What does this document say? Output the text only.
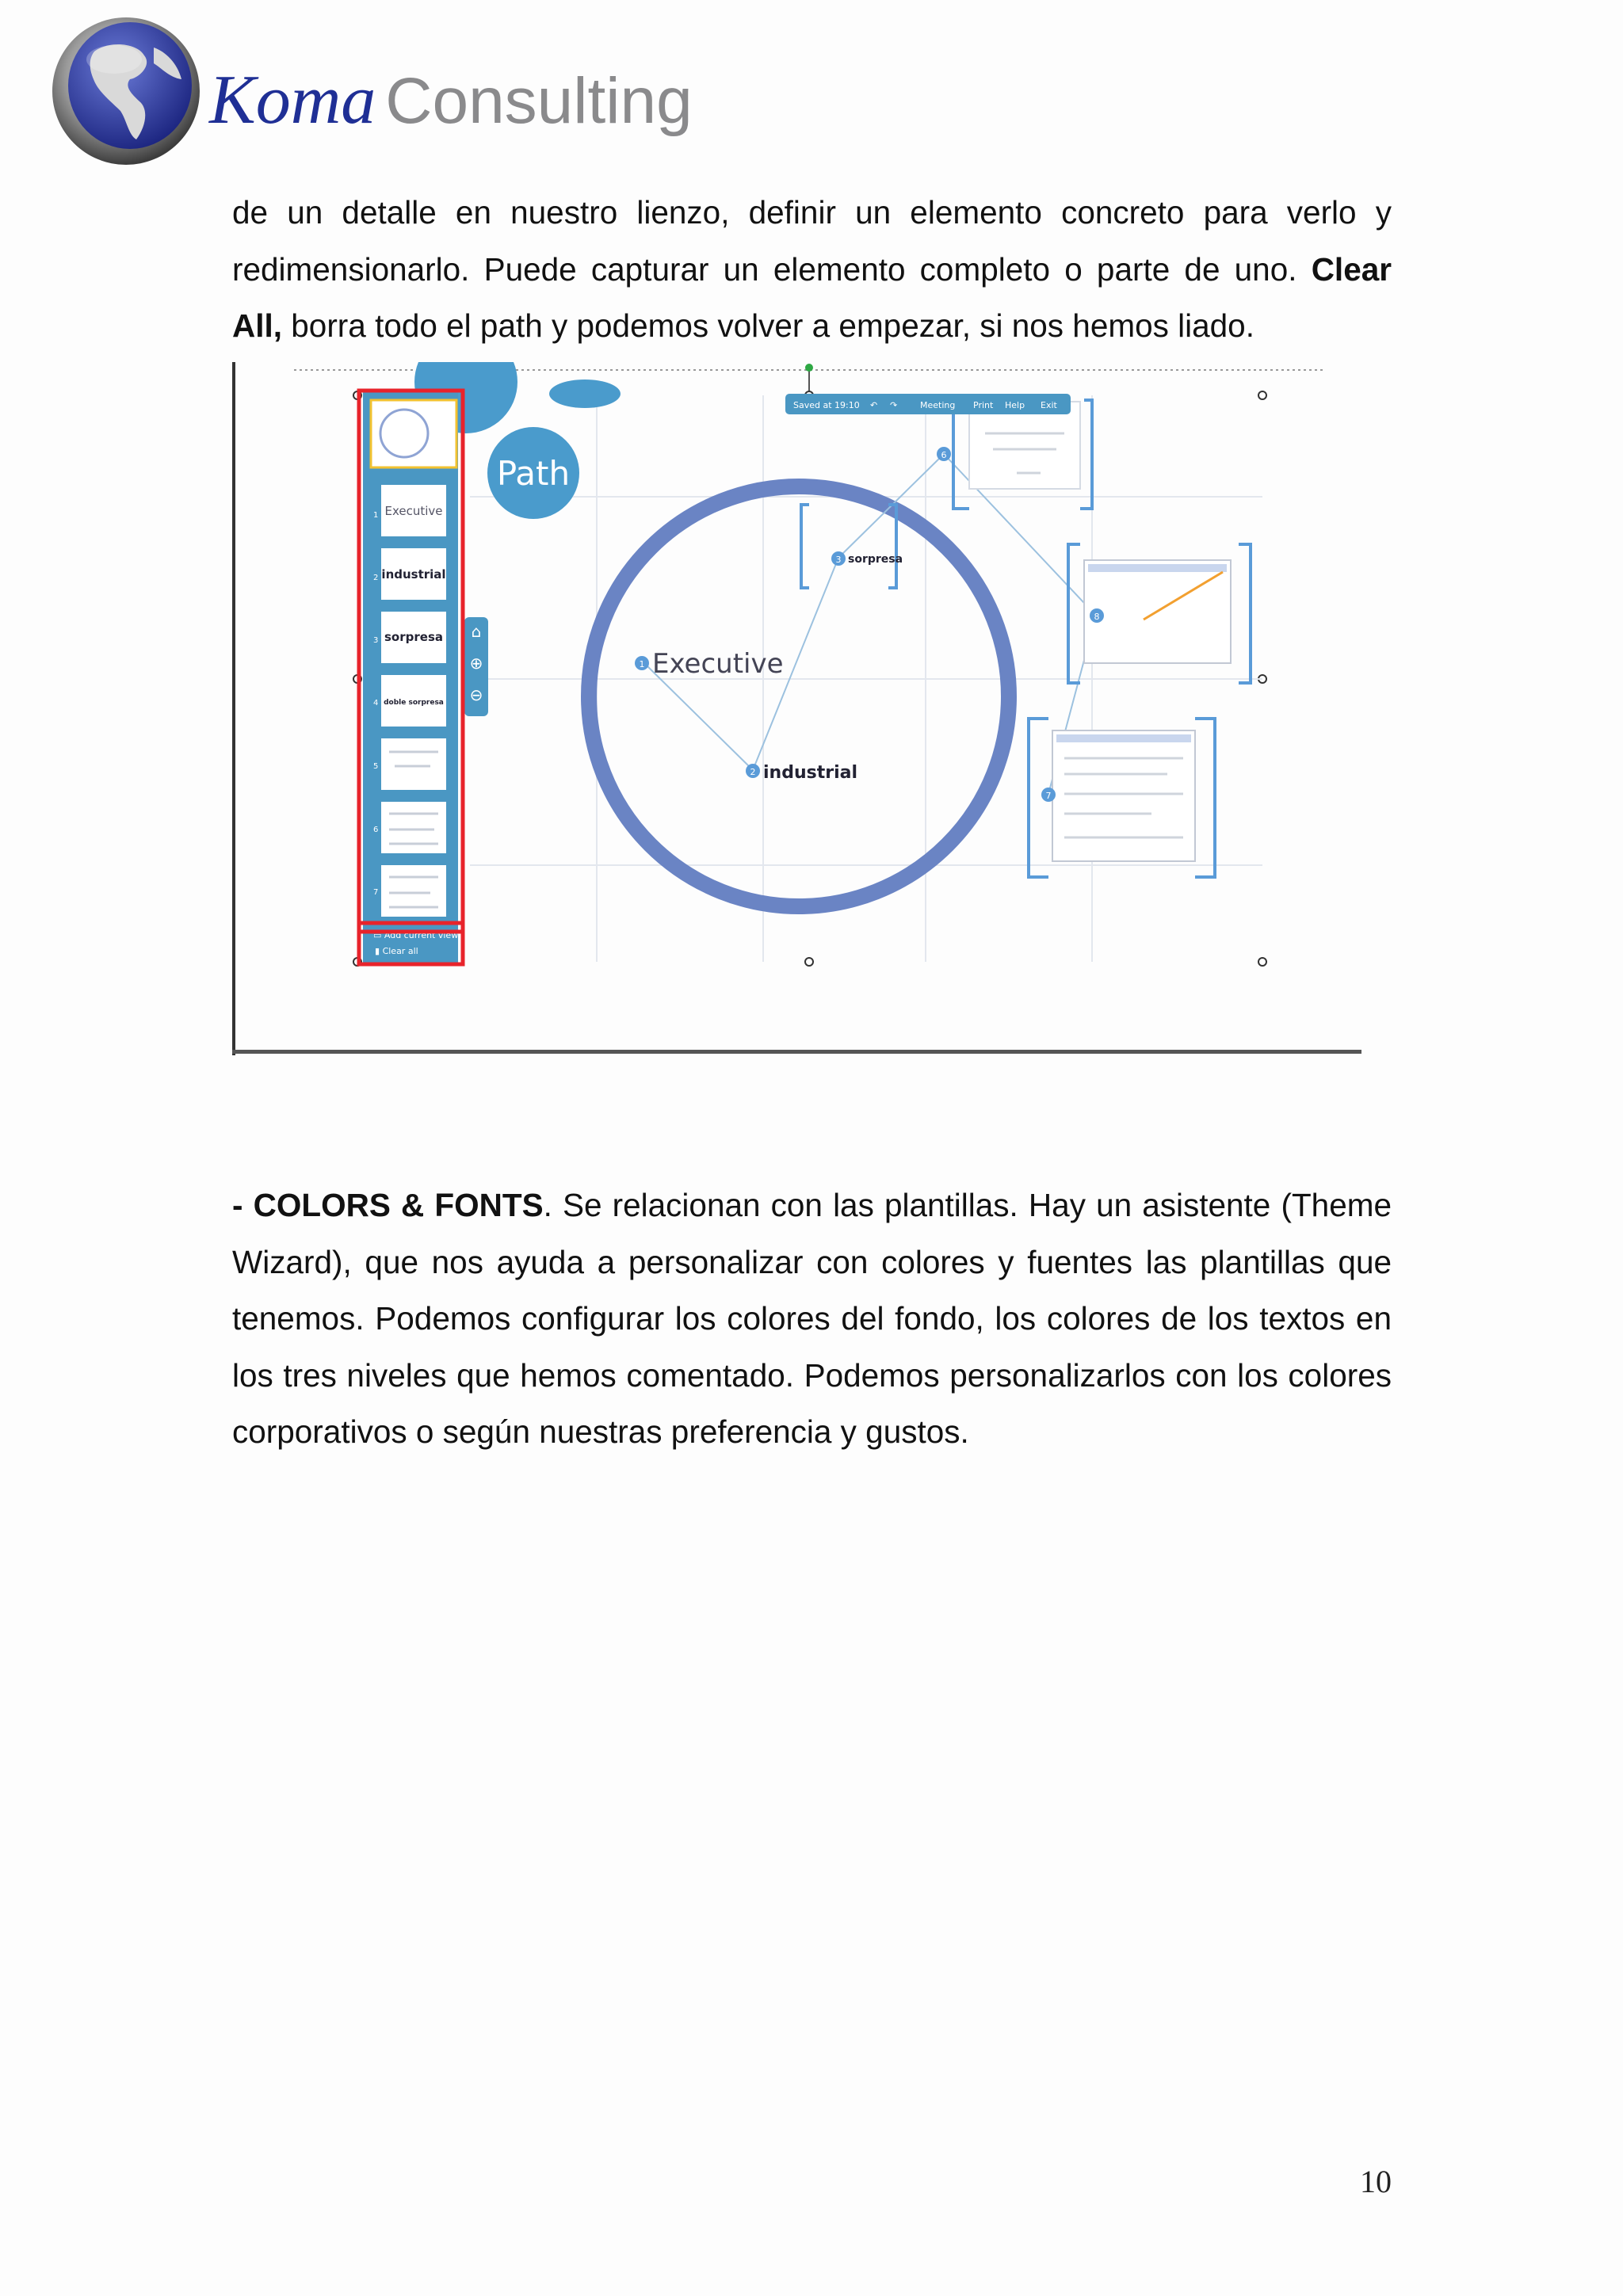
Koma Consulting

de un detalle en nuestro lienzo, definir un elemento concreto para verlo y redimensionarlo. Puede capturar un elemento completo o parte de uno. Clear All, borra todo el path y podemos volver a empezar, si nos hemos liado.

Path
Saved at 19:10 ↶ ↷	Meeting Print Help Exit
⌂
⊕
⊖
1 Executive
2 industrial
3 sorpresa
6
7
8
1 Executive
2 industrial
3 sorpresa
4 doble sorpresa
5
6
7
▭ Add current view
▮ Clear all

- COLORS & FONTS. Se relacionan con las plantillas. Hay un asistente (Theme Wizard), que nos ayuda a personalizar con colores y fuentes las plantillas que tenemos. Podemos configurar los colores del fondo, los colores de los textos en los tres niveles que hemos comentado. Podemos personalizarlos con los colores corporativos o según nuestras preferencia y gustos.

10
